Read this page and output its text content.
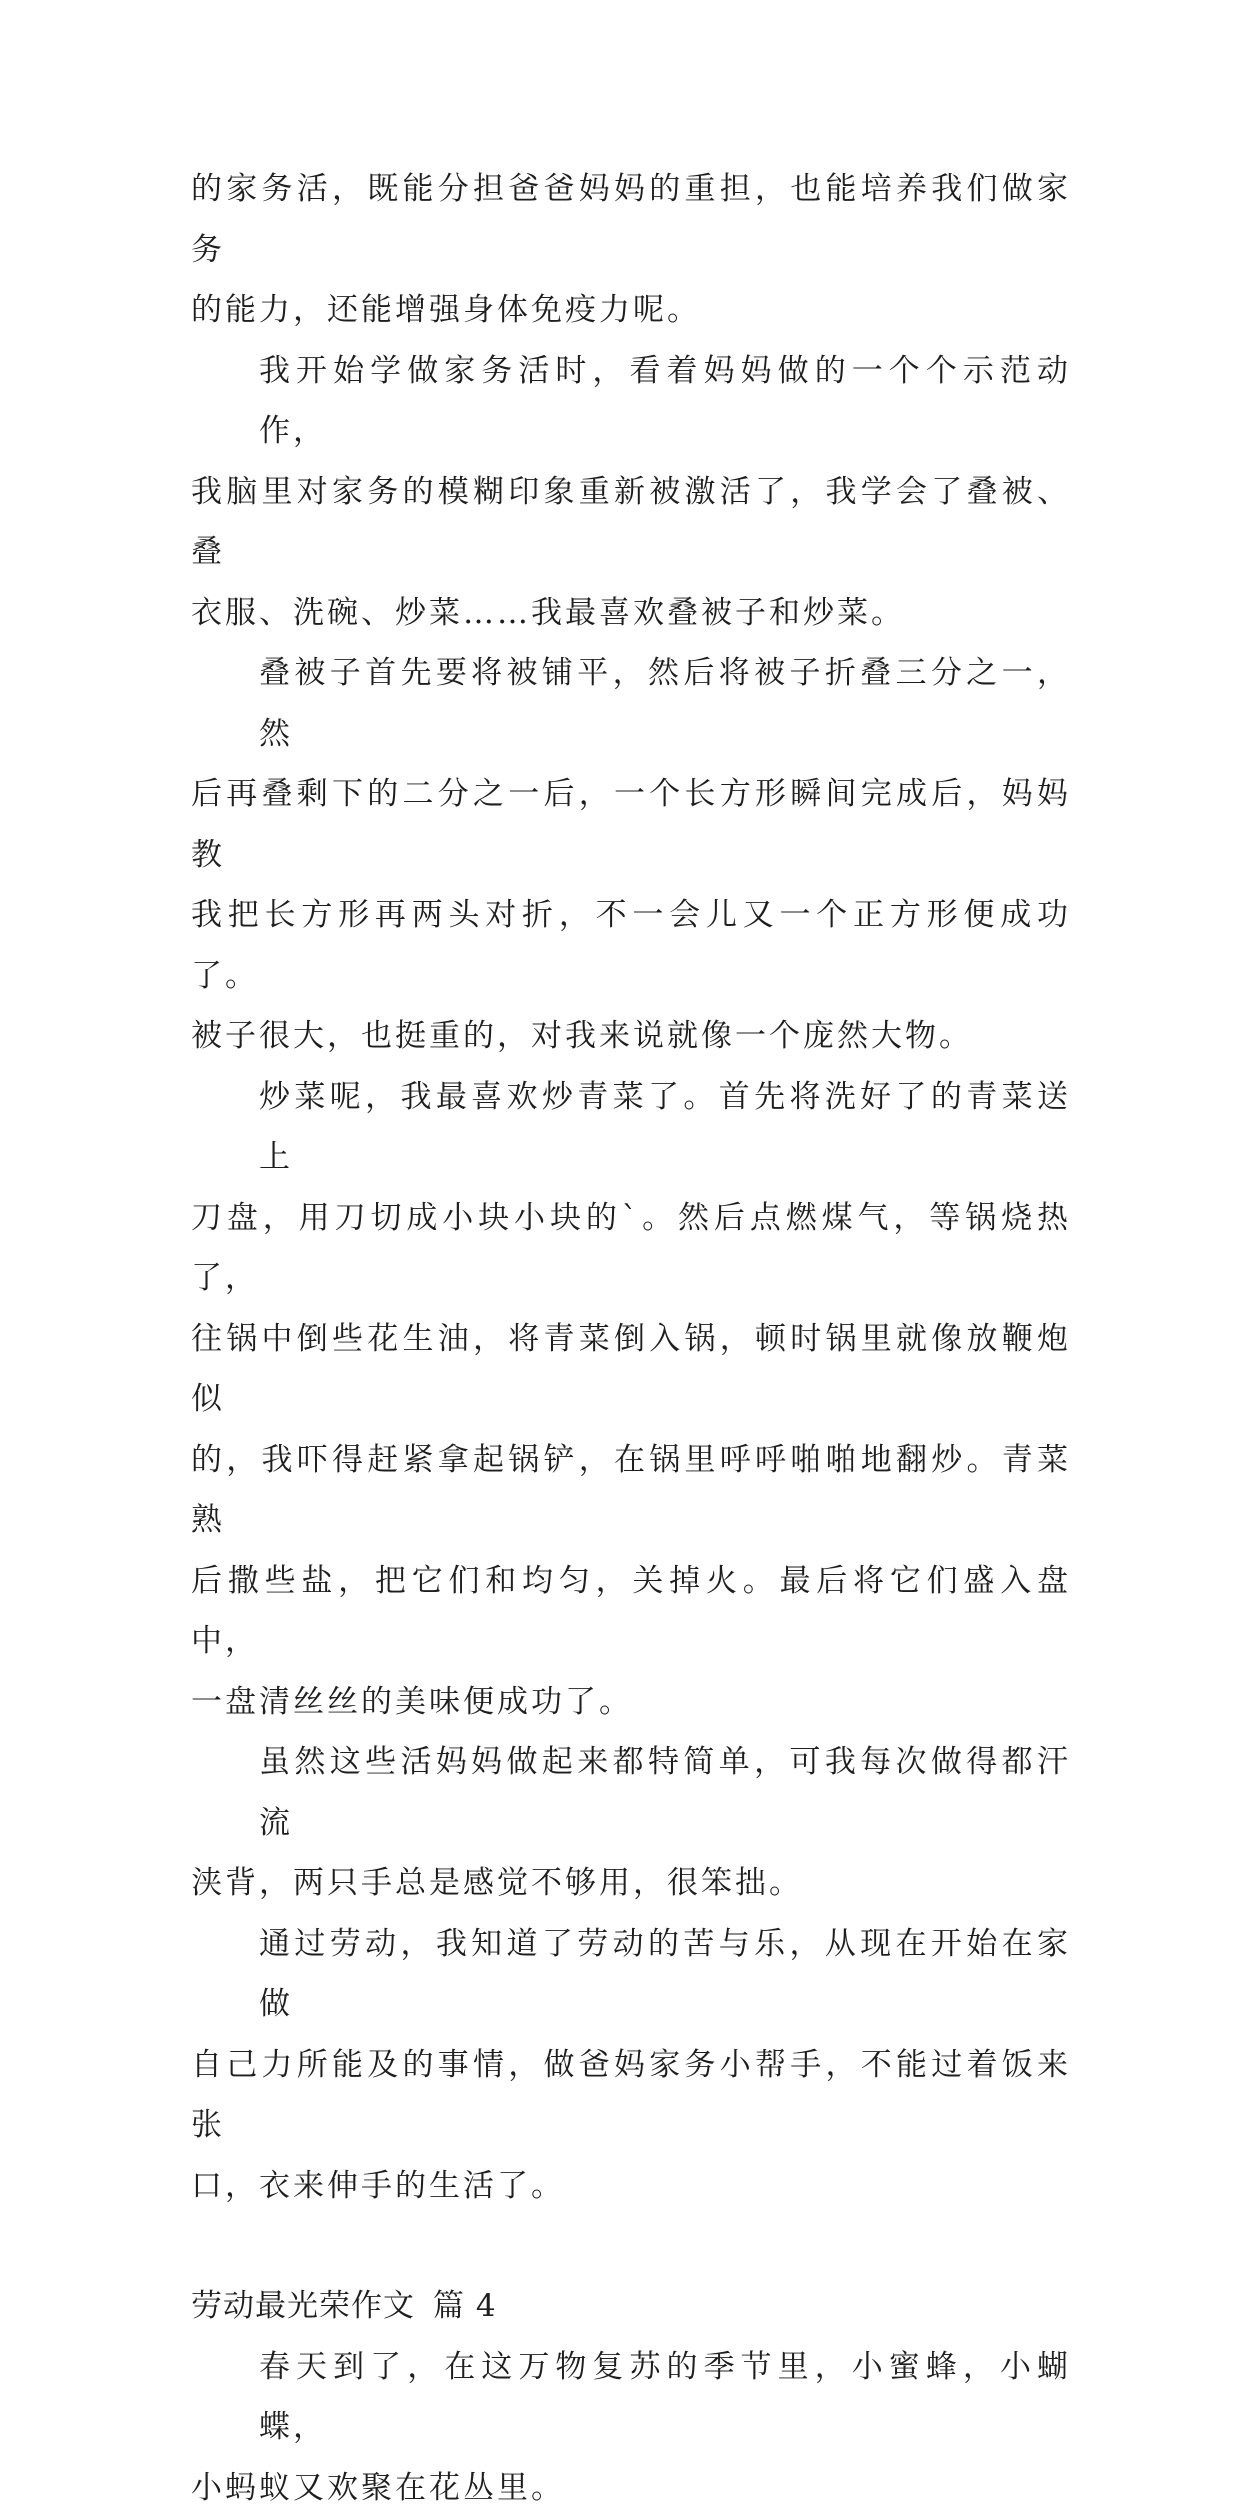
的家务活，既能分担爸爸妈妈的重担，也能培养我们做家务
的能力，还能增强身体免疫力呢。

我开始学做家务活时，看着妈妈做的一个个示范动作，
我脑里对家务的模糊印象重新被激活了，我学会了叠被、叠
衣服、洗碗、炒菜……我最喜欢叠被子和炒菜。

叠被子首先要将被铺平，然后将被子折叠三分之一，然
后再叠剩下的二分之一后，一个长方形瞬间完成后，妈妈教
我把长方形再两头对折，不一会儿又一个正方形便成功了。
被子很大，也挺重的，对我来说就像一个庞然大物。

炒菜呢，我最喜欢炒青菜了。首先将洗好了的青菜送上
刀盘，用刀切成小块小块的`。然后点燃煤气，等锅烧热了，
往锅中倒些花生油，将青菜倒入锅，顿时锅里就像放鞭炮似
的，我吓得赶紧拿起锅铲，在锅里呼呼啪啪地翻炒。青菜熟
后撒些盐，把它们和均匀，关掉火。最后将它们盛入盘中，
一盘清丝丝的美味便成功了。

虽然这些活妈妈做起来都特简单，可我每次做得都汗流
浃背，两只手总是感觉不够用，很笨拙。

通过劳动，我知道了劳动的苦与乐，从现在开始在家做
自己力所能及的事情，做爸妈家务小帮手，不能过着饭来张
口，衣来伸手的生活了。

劳动最光荣作文 篇 4

春天到了，在这万物复苏的季节里，小蜜蜂，小蝴蝶，
小蚂蚁又欢聚在花丛里。
